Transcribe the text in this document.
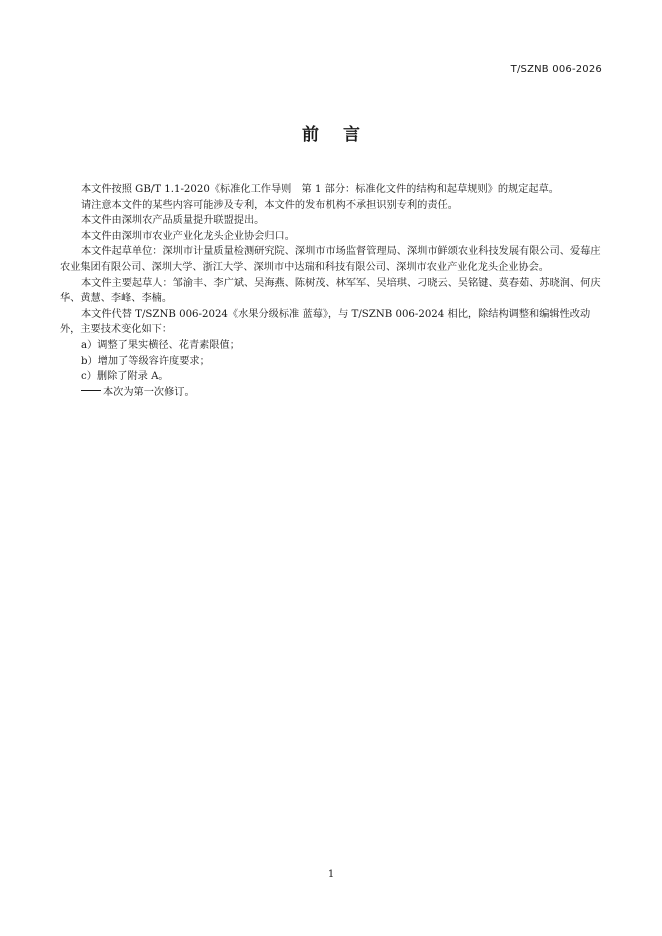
T/SZNB 006-2026
前言

本文件按照 GB/T 1.1-2020《标准化工作导则　第 1 部分：标准化文件的结构和起草规则》的规定起草。

请注意本文件的某些内容可能涉及专利，本文件的发布机构不承担识别专利的责任。

本文件由深圳农产品质量提升联盟提出。

本文件由深圳市农业产业化龙头企业协会归口。

本文件起草单位：深圳市计量质量检测研究院、深圳市市场监督管理局、深圳市鲜颂农业科技发展有限公司、爱莓庄农业集团有限公司、深圳大学、浙江大学、深圳市中达瑞和科技有限公司、深圳市农业产业化龙头企业协会。

本文件主要起草人：邹渝丰、李广斌、吴海燕、陈树茂、林军军、吴培琪、刁晓云、吴铭键、莫春茹、苏晓润、何庆华、黄慧、李峰、李楠。

本文件代替 T/SZNB 006-2024《水果分级标准 蓝莓》，与 T/SZNB 006-2024 相比，除结构调整和编辑性改动外，主要技术变化如下：

a）调整了果实横径、花青素限值；

b）增加了等级容许度要求；

c）删除了附录 A。

本次为第一次修订。

1
